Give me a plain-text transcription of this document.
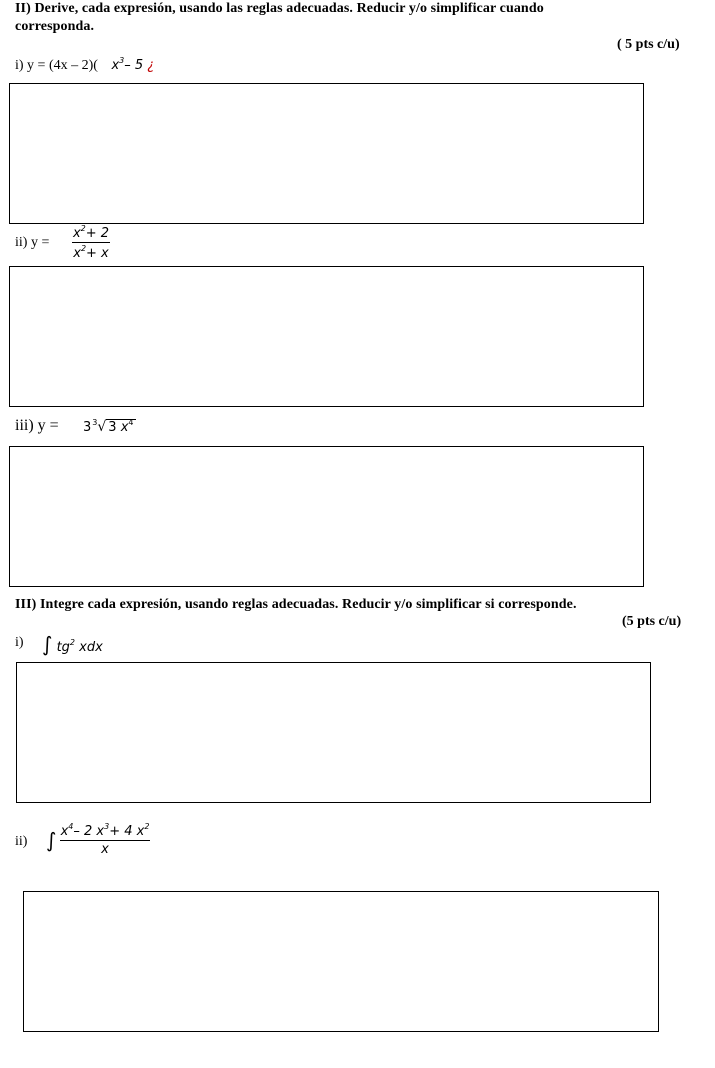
II) Derive, cada expresión, usando las reglas adecuadas. Reducir y/o simplificar cuando corresponda.
( 5 pts c/u)
i) y = (4x – 2)( $x^3-$ 5 ¿
ii) y =
$x^2+ 2$
$x^2+ x$
iii) $y = 3^3√$ 3 $x^4$
III) Integre cada expresión, usando reglas adecuadas. Reducir y/o simplificar si corresponde.
(5 pts c/u)
i) ∫ $tg^2$ xdx
ii) ∫ $x^4-$ 2 $x^3+ 4$ $x^2$
x
